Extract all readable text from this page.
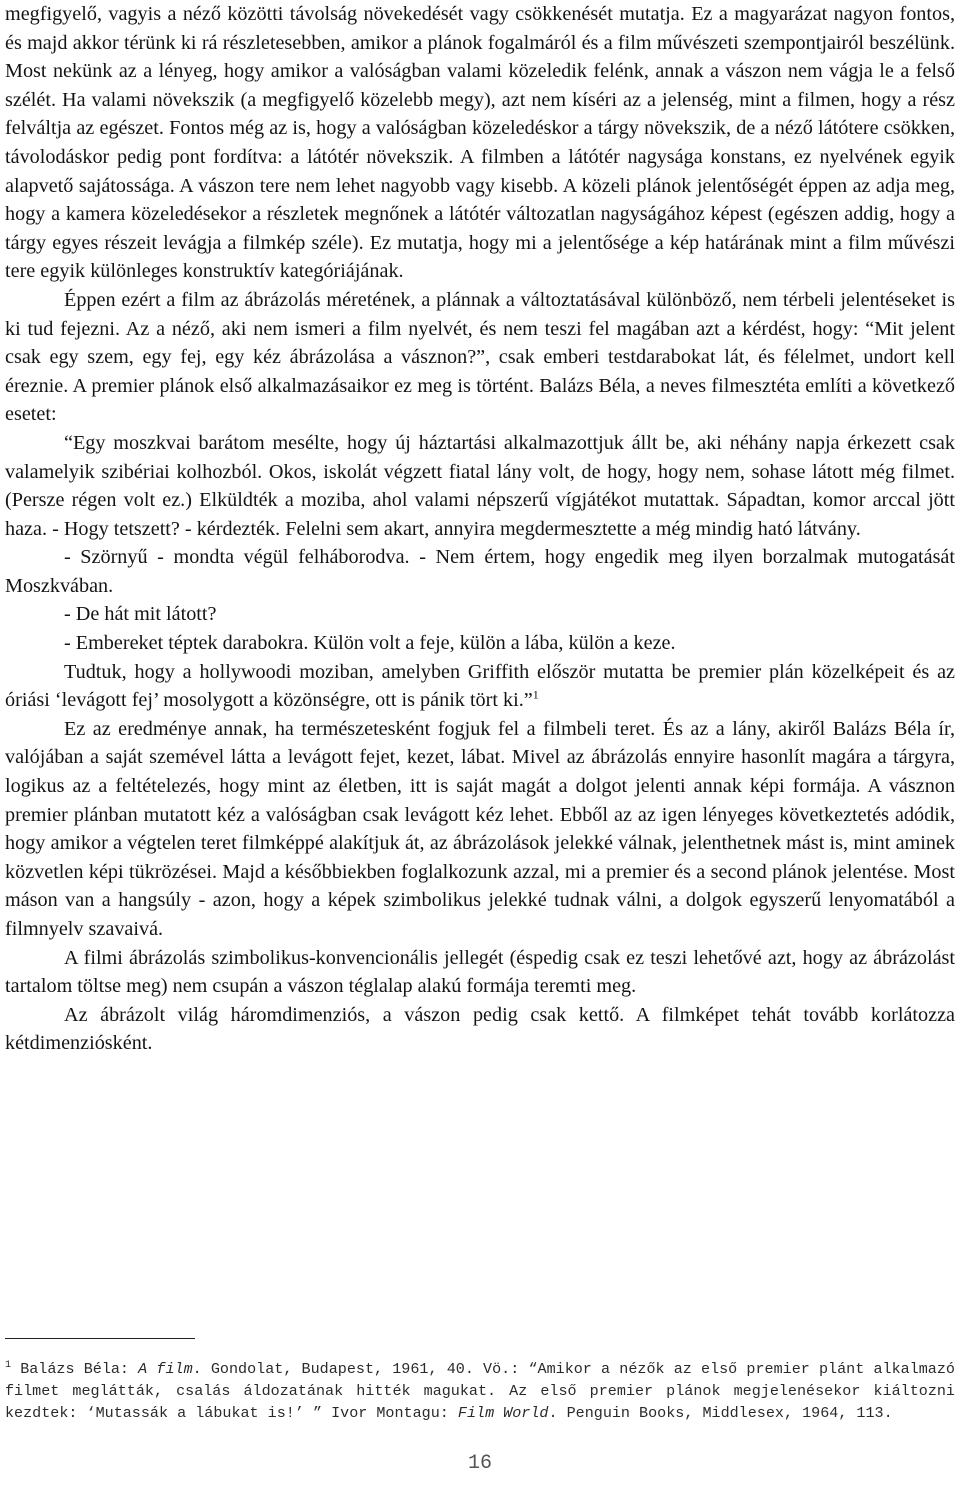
megfigyelő, vagyis a néző közötti távolság növekedését vagy csökkenését mutatja. Ez a magyarázat nagyon fontos, és majd akkor térünk ki rá részletesebben, amikor a plánok fogalmáról és a film művészeti szempontjairól beszélünk. Most nekünk az a lényeg, hogy amikor a valóságban valami közeledik felénk, annak a vászon nem vágja le a felső szélét. Ha valami növekszik (a megfigyelő közelebb megy), azt nem kíséri az a jelenség, mint a filmen, hogy a rész felváltja az egészet. Fontos még az is, hogy a valóságban közeledéskor a tárgy növekszik, de a néző látótere csökken, távolodáskor pedig pont fordítva: a látótér növekszik. A filmben a látótér nagysága konstans, ez nyelvének egyik alapvető sajátossága. A vászon tere nem lehet nagyobb vagy kisebb. A közeli plánok jelentőségét éppen az adja meg, hogy a kamera közeledésekor a részletek megnőnek a látótér változatlan nagyságához képest (egészen addig, hogy a tárgy egyes részeit levágja a filmkép széle). Ez mutatja, hogy mi a jelentősége a kép határának mint a film művészi tere egyik különleges konstruktív kategóriájának.

Éppen ezért a film az ábrázolás méretének, a plánnak a változtatásával különböző, nem térbeli jelentéseket is ki tud fejezni. Az a néző, aki nem ismeri a film nyelvét, és nem teszi fel magában azt a kérdést, hogy: “Mit jelent csak egy szem, egy fej, egy kéz ábrázolása a vásznon?”, csak emberi testdarabokat lát, és félelmet, undort kell éreznie. A premier plánok első alkalmazásaikor ez meg is történt. Balázs Béla, a neves filmesztéta említi a következő esetet:

“Egy moszkvai barátom mesélte, hogy új háztartási alkalmazottjuk állt be, aki néhány napja érkezett csak valamelyik szibériai kolhozból. Okos, iskolát végzett fiatal lány volt, de hogy, hogy nem, sohase látott még filmet. (Persze régen volt ez.) Elküldték a moziba, ahol valami népszerű vígjátékot mutattak. Sápadtan, komor arccal jött haza. - Hogy tetszett? - kérdezték. Felelni sem akart, annyira megdermesztette a még mindig ható látvány.

- Szörnyű - mondta végül felháborodva. - Nem értem, hogy engedik meg ilyen borzalmak mutogatását Moszkvában.

- De hát mit látott?

- Embereket téptek darabokra. Külön volt a feje, külön a lába, külön a keze.

Tudtuk, hogy a hollywoodi moziban, amelyben Griffith először mutatta be premier plán közelképeit és az óriási ‘levágott fej’ mosolygott a közönségre, ott is pánik tört ki.”$^1$

Ez az eredménye annak, ha természetesként fogjuk fel a filmbeli teret. És az a lány, akiről Balázs Béla ír, valójában a saját szemével látta a levágott fejet, kezet, lábat. Mivel az ábrázolás ennyire hasonlít magára a tárgyra, logikus az a feltételezés, hogy mint az életben, itt is saját magát a dolgot jelenti annak képi formája. A vásznon premier plánban mutatott kéz a valóságban csak levágott kéz lehet. Ebből az az igen lényeges következtetés adódik, hogy amikor a végtelen teret filmképpé alakítjuk át, az ábrázolások jelekké válnak, jelenthetnek mást is, mint aminek közvetlen képi tükrözései. Majd a későbbiekben foglalkozunk azzal, mi a premier és a second plánok jelentése. Most máson van a hangsúly - azon, hogy a képek szimbolikus jelekké tudnak válni, a dolgok egyszerű lenyomatából a filmnyelv szavaivá.

A filmi ábrázolás szimbolikus-konvencionális jellegét (éspedig csak ez teszi lehetővé azt, hogy az ábrázolást tartalom töltse meg) nem csupán a vászon téglalap alakú formája teremti meg.

Az ábrázolt világ háromdimenziós, a vászon pedig csak kettő. A filmképet tehát tovább korlátozza kétdimenziósként.

$^1$ Balázs Béla: A film. Gondolat, Budapest, 1961, 40. Vö.: “Amikor a nézők az első premier plánt alkalmazó filmet meglátták, csalás áldozatának hitték magukat. Az első premier plánok megjelenésekor kiáltozni kezdtek: ‘Mutassák a lábukat is!’ ” Ivor Montagu: Film World. Penguin Books, Middlesex, 1964, 113.
16
